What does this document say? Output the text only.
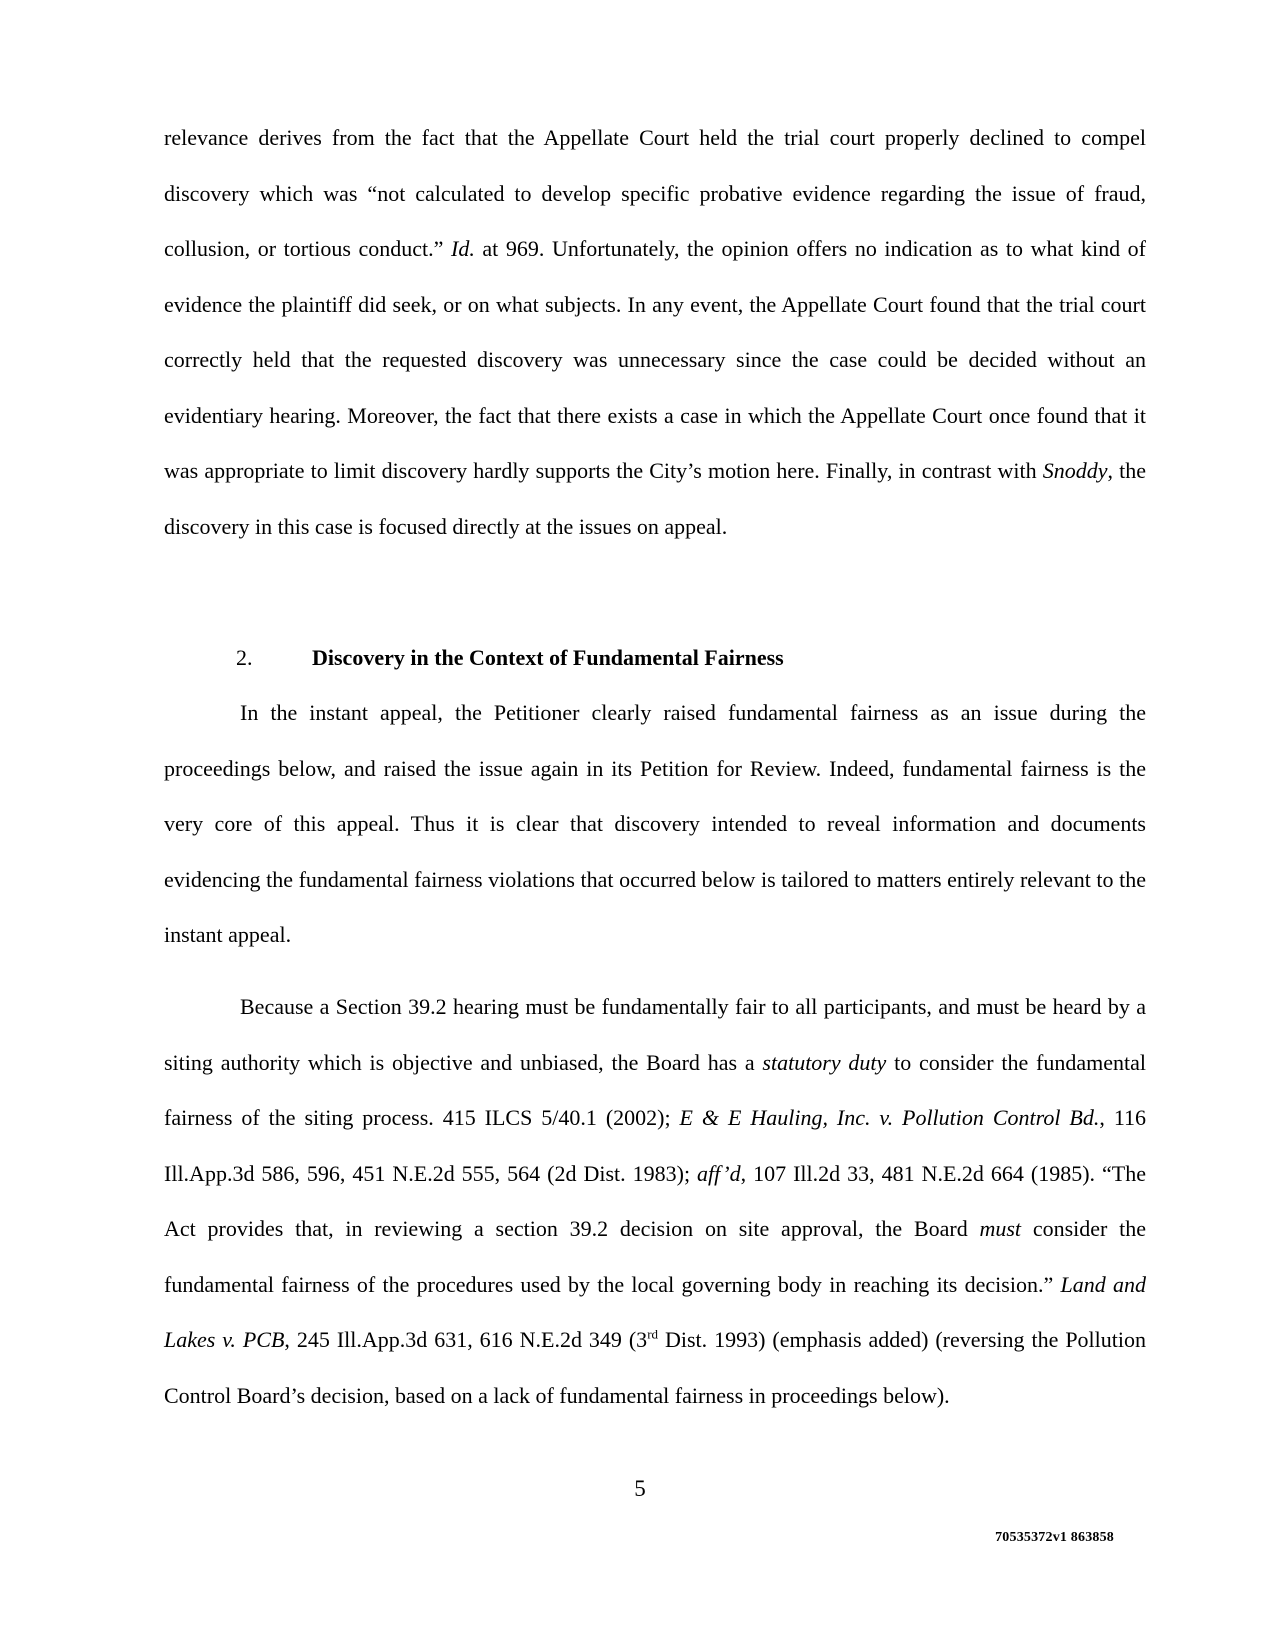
relevance derives from the fact that the Appellate Court held the trial court properly declined to compel discovery which was “not calculated to develop specific probative evidence regarding the issue of fraud, collusion, or tortious conduct.” Id. at 969. Unfortunately, the opinion offers no indication as to what kind of evidence the plaintiff did seek, or on what subjects. In any event, the Appellate Court found that the trial court correctly held that the requested discovery was unnecessary since the case could be decided without an evidentiary hearing. Moreover, the fact that there exists a case in which the Appellate Court once found that it was appropriate to limit discovery hardly supports the City’s motion here. Finally, in contrast with Snoddy, the discovery in this case is focused directly at the issues on appeal.

2.	Discovery in the Context of Fundamental Fairness

In the instant appeal, the Petitioner clearly raised fundamental fairness as an issue during the proceedings below, and raised the issue again in its Petition for Review. Indeed, fundamental fairness is the very core of this appeal. Thus it is clear that discovery intended to reveal information and documents evidencing the fundamental fairness violations that occurred below is tailored to matters entirely relevant to the instant appeal.

Because a Section 39.2 hearing must be fundamentally fair to all participants, and must be heard by a siting authority which is objective and unbiased, the Board has a statutory duty to consider the fundamental fairness of the siting process. 415 ILCS 5/40.1 (2002); E & E Hauling, Inc. v. Pollution Control Bd., 116 Ill.App.3d 586, 596, 451 N.E.2d 555, 564 (2d Dist. 1983); aff’d, 107 Ill.2d 33, 481 N.E.2d 664 (1985). “The Act provides that, in reviewing a section 39.2 decision on site approval, the Board must consider the fundamental fairness of the procedures used by the local governing body in reaching its decision.” Land and Lakes v. PCB, 245 Ill.App.3d 631, 616 N.E.2d 349 (3rd Dist. 1993) (emphasis added) (reversing the Pollution Control Board’s decision, based on a lack of fundamental fairness in proceedings below).

5
70535372v1 863858
